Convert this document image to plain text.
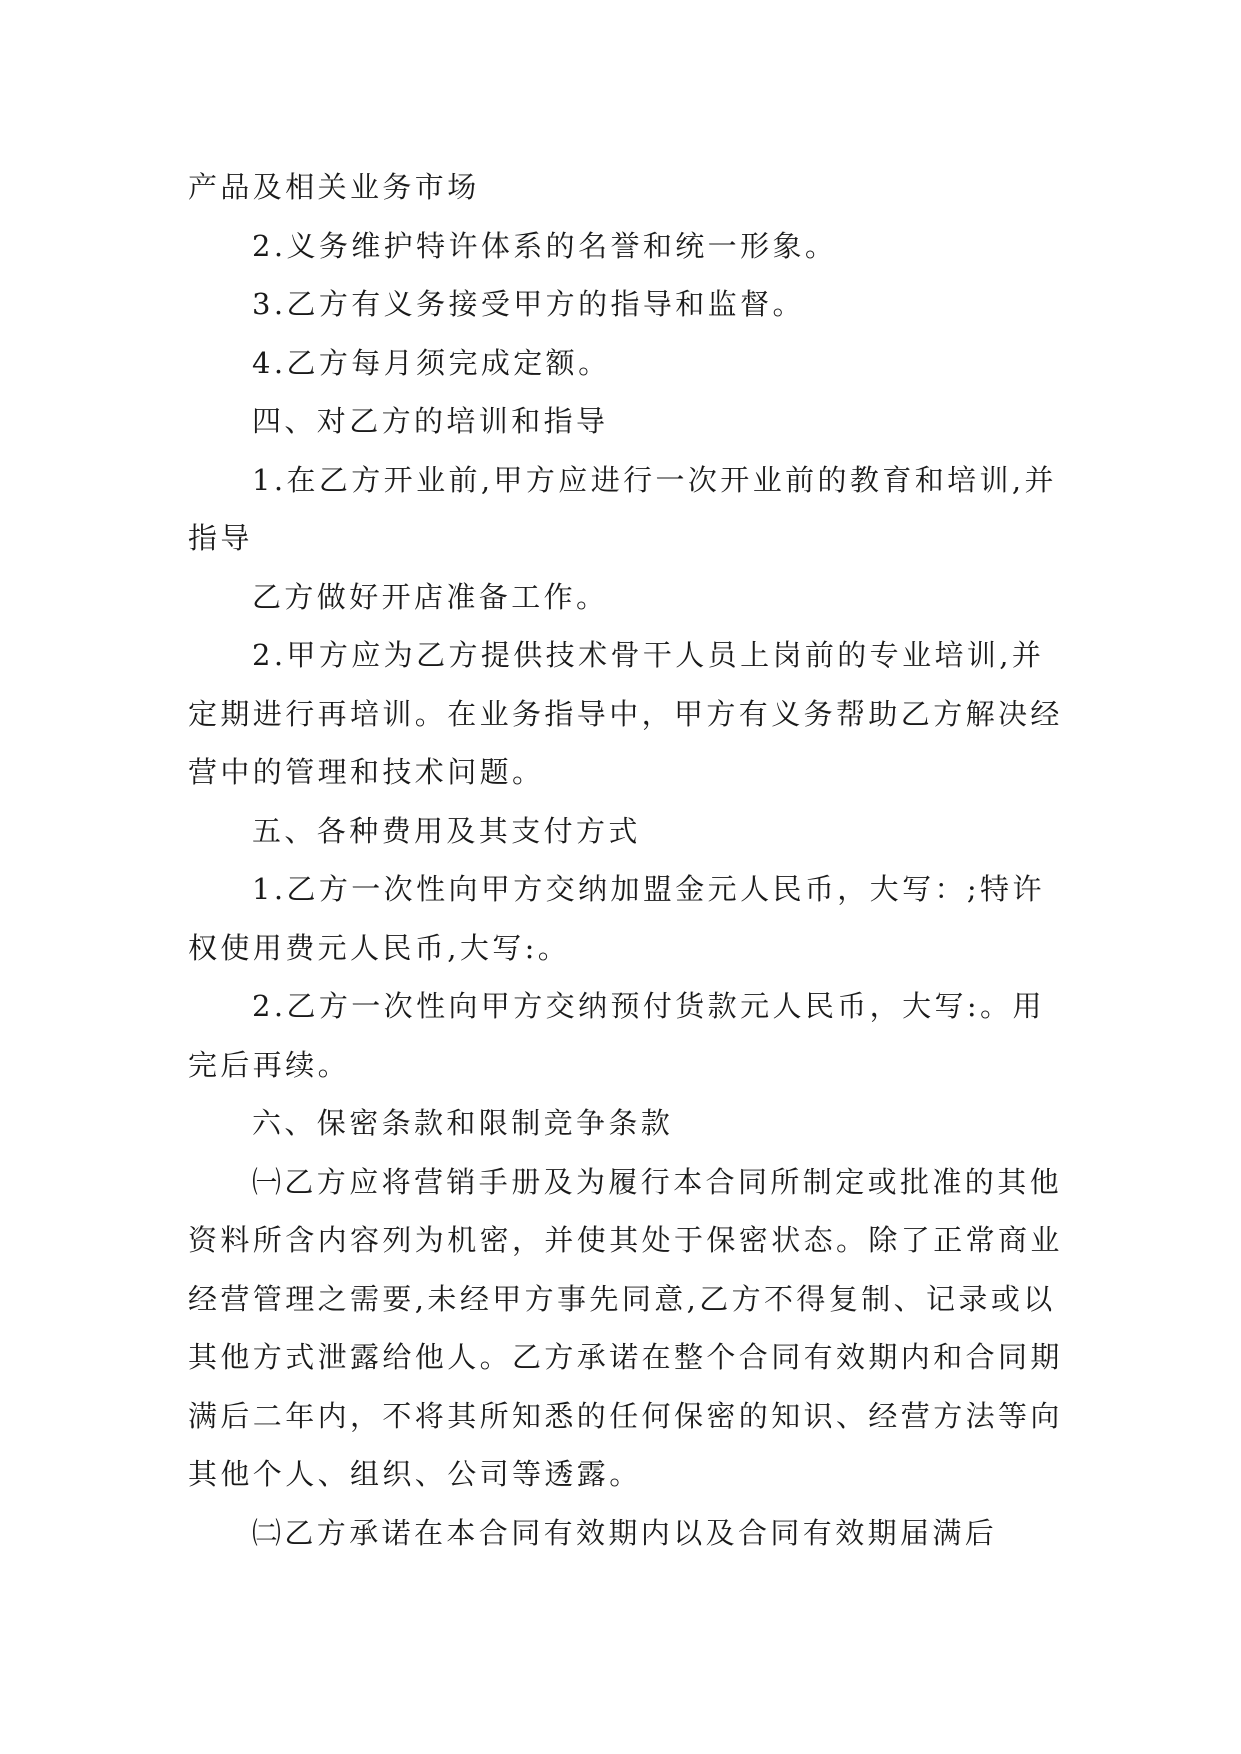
产品及相关业务市场

2.义务维护特许体系的名誉和统一形象。

3.乙方有义务接受甲方的指导和监督。

4.乙方每月须完成定额。

四、对乙方的培训和指导

1.在乙方开业前,甲方应进行一次开业前的教育和培训,并指导

乙方做好开店准备工作。

2.甲方应为乙方提供技术骨干人员上岗前的专业培训,并定期进行再培训。在业务指导中，甲方有义务帮助乙方解决经营中的管理和技术问题。

五、各种费用及其支付方式

1.乙方一次性向甲方交纳加盟金元人民币，大写：;特许权使用费元人民币,大写:。

2.乙方一次性向甲方交纳预付货款元人民币，大写:。用完后再续。

六、保密条款和限制竞争条款

㈠乙方应将营销手册及为履行本合同所制定或批准的其他资料所含内容列为机密，并使其处于保密状态。除了正常商业经营管理之需要,未经甲方事先同意,乙方不得复制、记录或以其他方式泄露给他人。乙方承诺在整个合同有效期内和合同期满后二年内，不将其所知悉的任何保密的知识、经营方法等向其他个人、组织、公司等透露。

㈡乙方承诺在本合同有效期内以及合同有效期届满后
